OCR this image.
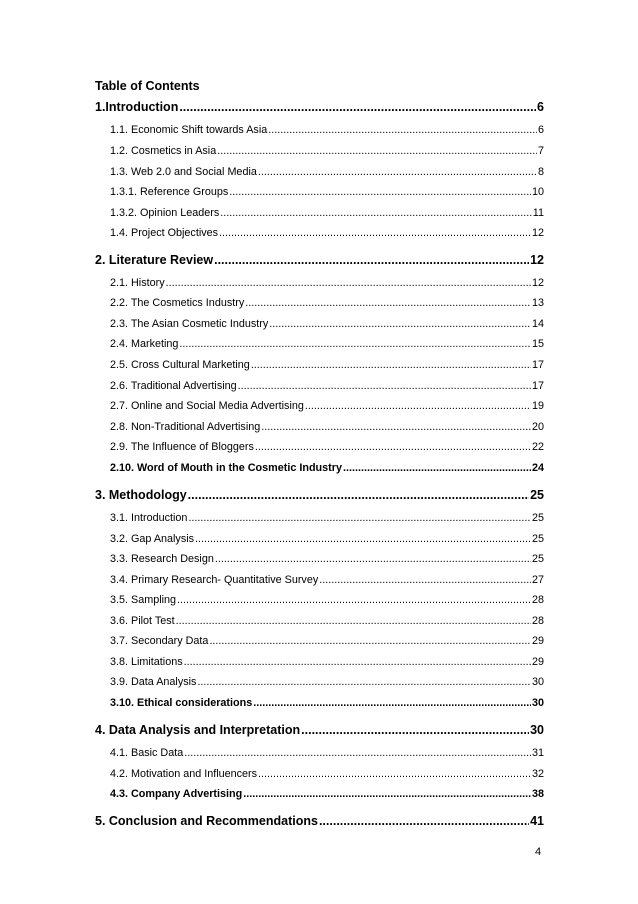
Table of Contents
1.Introduction .....	6
1.1. Economic Shift towards Asia .....	6
1.2. Cosmetics in Asia .....	7
1.3. Web 2.0 and Social Media .....	8
1.3.1. Reference Groups .....	10
1.3.2. Opinion Leaders .....	11
1.4. Project Objectives .....	12
2. Literature Review .....	12
2.1. History .....	12
2.2. The Cosmetics Industry .....	13
2.3. The Asian Cosmetic Industry .....	14
2.4. Marketing .....	15
2.5. Cross Cultural Marketing .....	17
2.6. Traditional Advertising .....	17
2.7. Online and Social Media Advertising .....	19
2.8. Non-Traditional Advertising .....	20
2.9. The Influence of Bloggers .....	22
2.10. Word of Mouth in the Cosmetic Industry .....	24
3. Methodology .....	25
3.1. Introduction .....	25
3.2. Gap Analysis .....	25
3.3. Research Design .....	25
3.4. Primary Research- Quantitative Survey .....	27
3.5. Sampling .....	28
3.6. Pilot Test .....	28
3.7. Secondary Data .....	29
3.8. Limitations .....	29
3.9. Data Analysis .....	30
3.10. Ethical considerations .....	30
4. Data Analysis and Interpretation .....	30
4.1. Basic Data .....	31
4.2. Motivation and Influencers .....	32
4.3. Company Advertising .....	38
5. Conclusion and Recommendations .....	41
4
